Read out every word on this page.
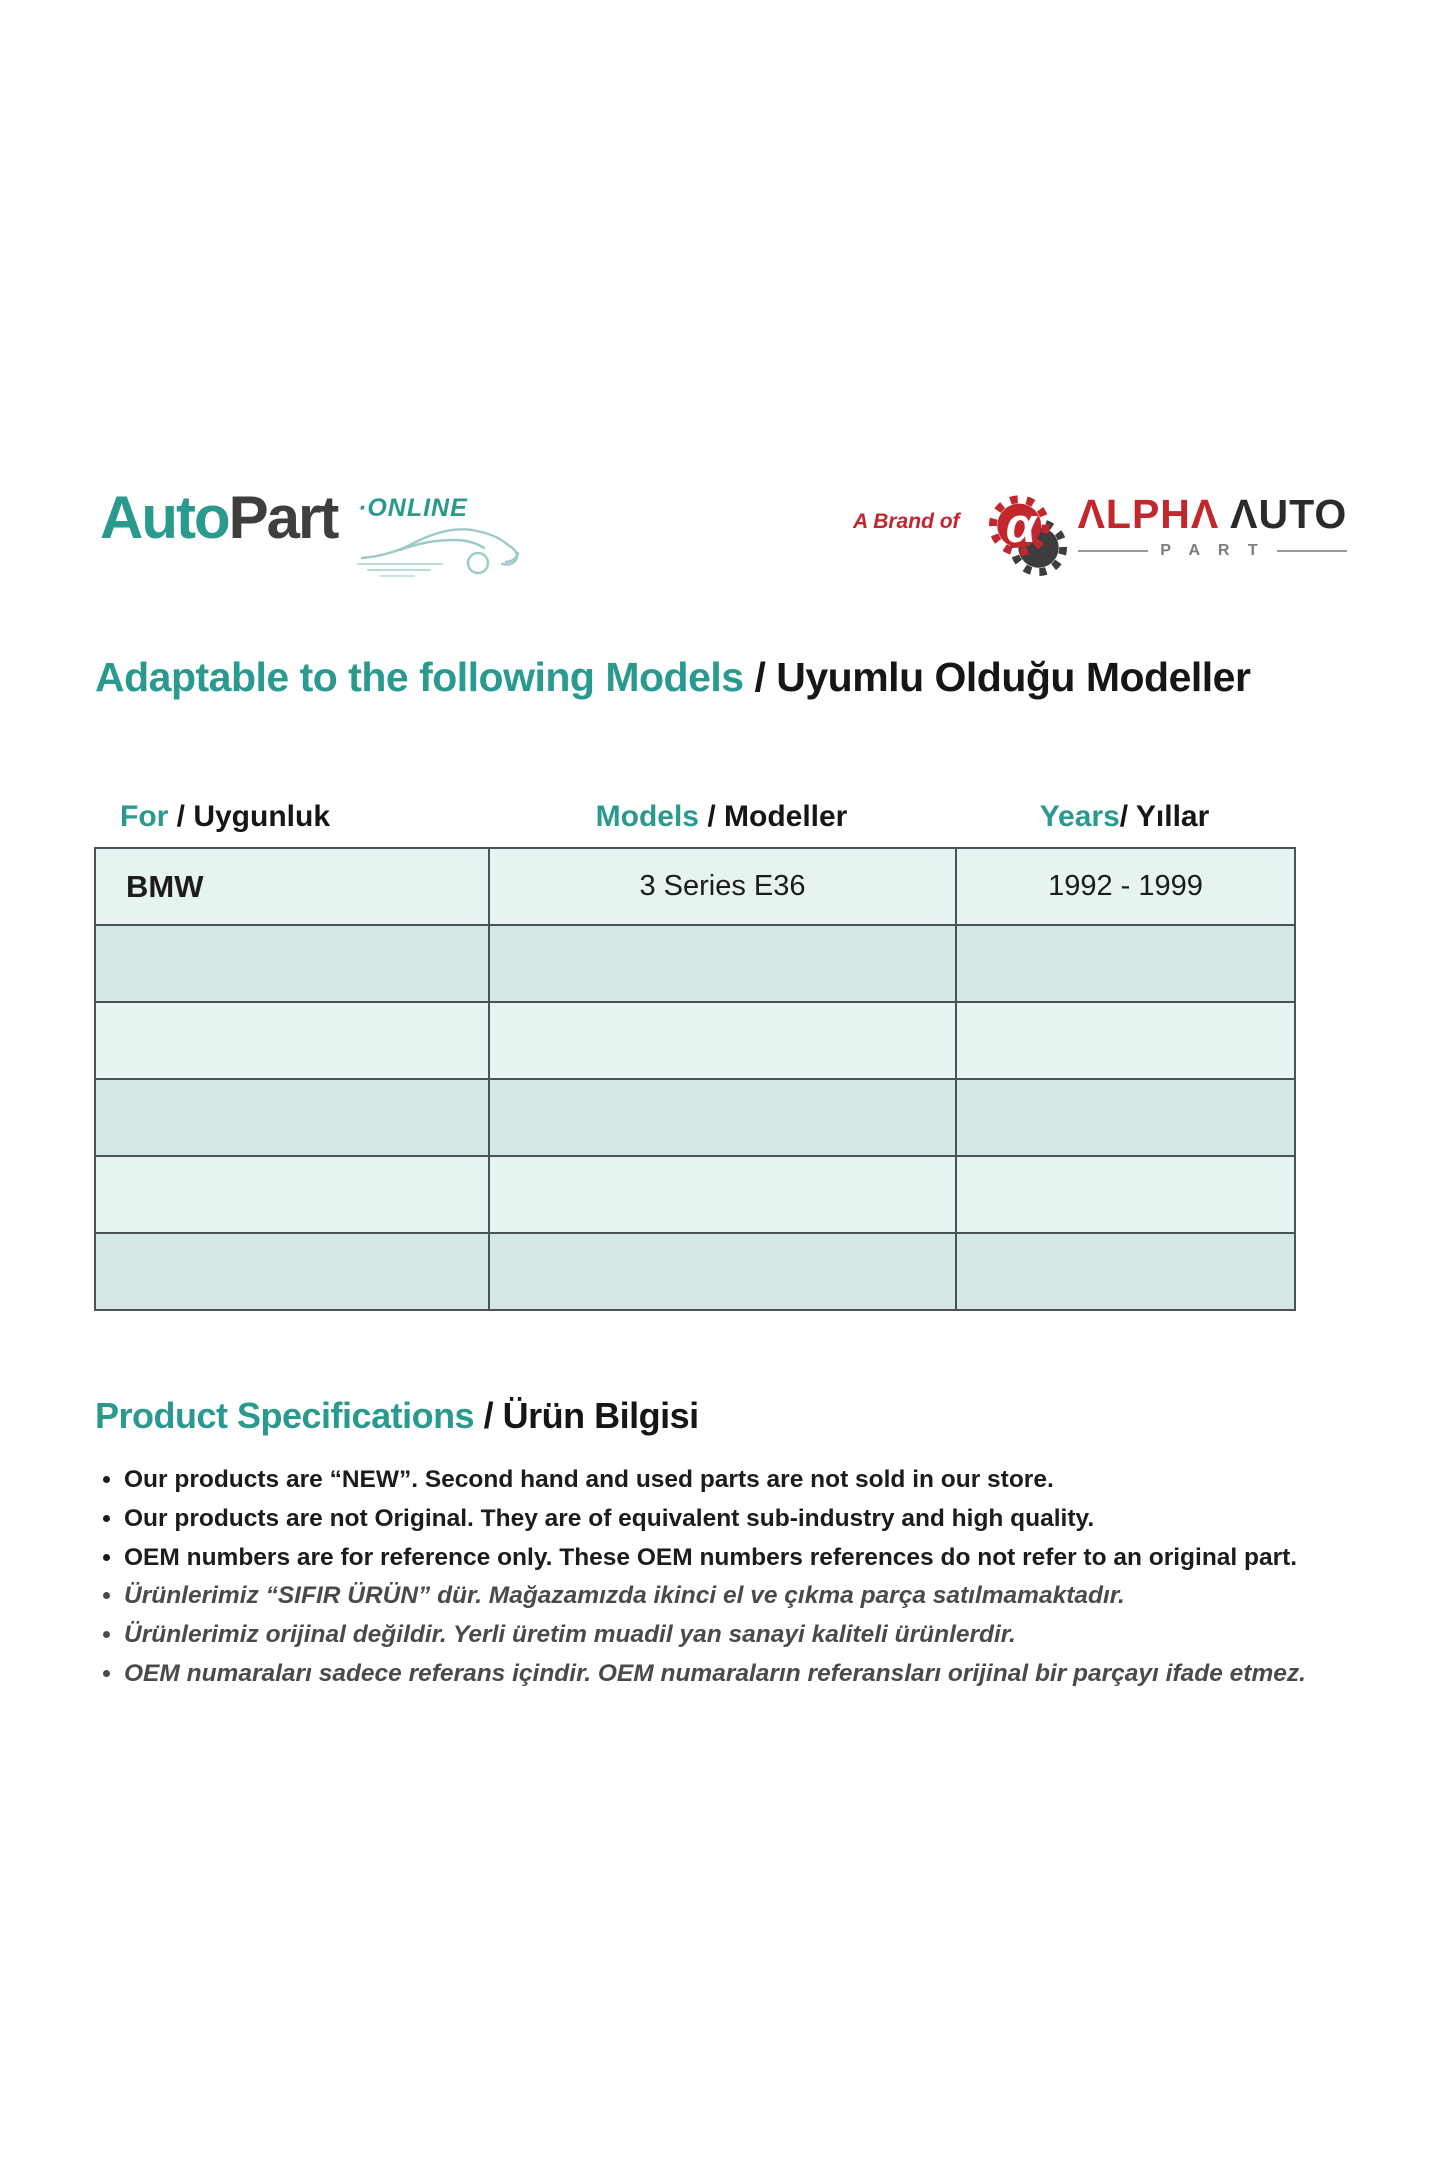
Auto Part ·ONLINE	A Brand of α ΛLPHΛ ΛUTO
P A R T
Adaptable to the following Models / Uyumlu Olduğu Modeller
For / Uygunluk	Models / Modeller	Years/ Yıllar
BMW	3 Series E36	1992 - 1999

Product Specifications / Ürün Bilgisi
• Our products are “NEW”. Second hand and used parts are not sold in our store.
• Our products are not Original. They are of equivalent sub-industry and high quality.
• OEM numbers are for reference only. These OEM numbers references do not refer to an original part.
• Ürünlerimiz “SIFIR ÜRÜN” dür. Mağazamızda ikinci el ve çıkma parça satılmamaktadır.
• Ürünlerimiz orijinal değildir. Yerli üretim muadil yan sanayi kaliteli ürünlerdir.
• OEM numaraları sadece referans içindir. OEM numaraların referansları orijinal bir parçayı ifade etmez.
